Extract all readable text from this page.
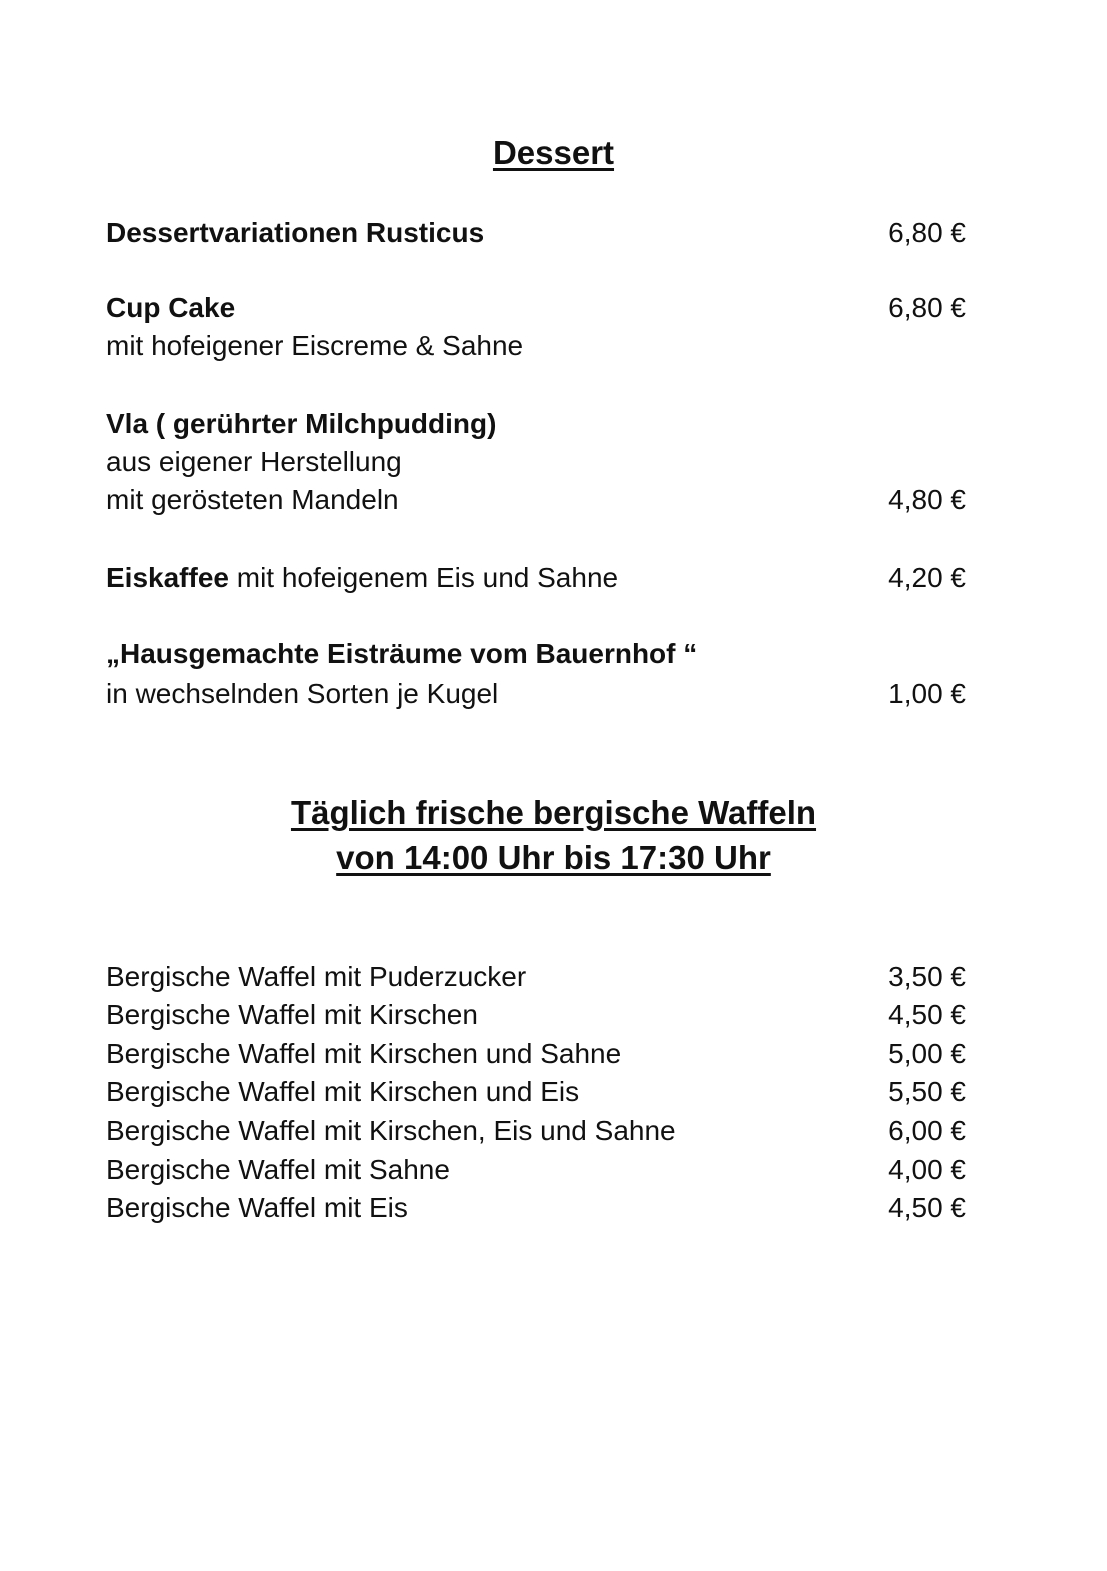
Dessert
Dessertvariationen Rusticus	6,80 €
Cup Cake	6,80 €
mit hofeigener Eiscreme & Sahne
Vla ( gerührter Milchpudding)
aus eigener Herstellung
mit gerösteten Mandeln	4,80 €
Eiskaffee mit hofeigenem Eis und Sahne	4,20 €
„Hausgemachte Eisträume vom Bauernhof “
in wechselnden Sorten je Kugel	1,00 €
Täglich frische bergische Waffeln
von 14:00 Uhr bis 17:30 Uhr
Bergische Waffel mit Puderzucker	3,50 €
Bergische Waffel mit Kirschen	4,50 €
Bergische Waffel mit Kirschen und Sahne	5,00 €
Bergische Waffel mit Kirschen und Eis	5,50 €
Bergische Waffel mit Kirschen, Eis und Sahne	6,00 €
Bergische Waffel mit Sahne	4,00 €
Bergische Waffel mit Eis	4,50 €
